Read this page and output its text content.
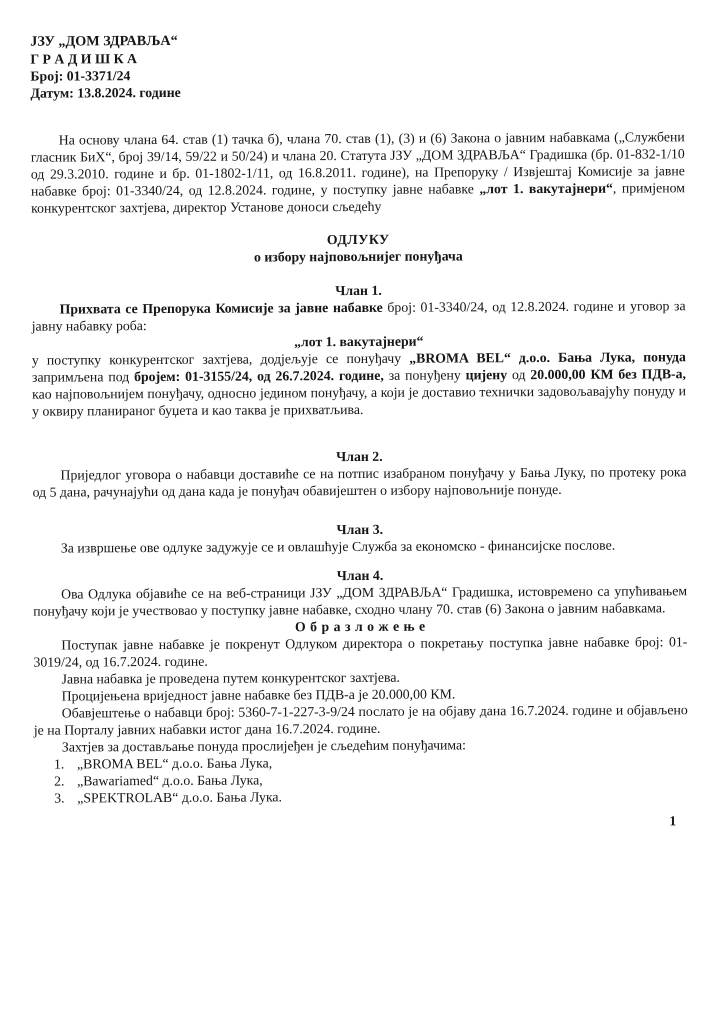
ЈЗУ „ДОМ ЗДРАВЉА“
Г Р А Д И Ш К А
Број: 01-3371/24
Датум: 13.8.2024. године

На основу члана 64. став (1) тачка б), члана 70. став (1), (3) и (6) Закона о јавним набавкама („Службени гласник БиХ“, број 39/14, 59/22 и 50/24) и члана 20. Статута ЈЗУ „ДОМ ЗДРАВЉА“ Градишка (бр. 01-832-1/10 од 29.3.2010. године и бр. 01-1802-1/11, од 16.8.2011. године), на Препоруку / Извјештај Комисије за јавне набавке број: 01-3340/24, од 12.8.2024. године, у поступку јавне набавке „лот 1. вакутајнери“, примјеном конкурентског захтјева, директор Установе доноси сљедећу

ОДЛУКУ
о избору најповољнијег понуђача
Члан 1.

Прихвата се Препорука Комисије за јавне набавке број: 01-3340/24, од 12.8.2024. године и уговор за јавну набавку роба:

„лот 1. вакутајнери“

у поступку конкурентског захтјева, додјељује се понуђачу „BROMA BEL“ д.о.о. Бања Лука, понуда запримљена под бројем: 01-3155/24, од 26.7.2024. године, за понуђену цијену од 20.000,00 КМ без ПДВ-а, као најповољнијем понуђачу, односно једином понуђачу, а који је доставио технички задовољавајућу понуду и у оквиру планираног буџета и као таква је прихватљива.

Члан 2.

Приједлог уговора о набавци доставиће се на потпис изабраном понуђачу у Бања Луку, по протеку рока од 5 дана, рачунајући од дана када је понуђач обавијештен о избору најповољније понуде.

Члан 3.

За извршење ове одлуке задужује се и овлашћује Служба за економско - финансијске послове.

Члан 4.

Ова Одлука објавиће се на веб-страници ЈЗУ „ДОМ ЗДРАВЉА“ Градишка, истовремено са упућивањем понуђачу који је учествовао у поступку јавне набавке, сходно члану 70. став (6) Закона о јавним набавкама.

О б р а з л о ж е њ е

Поступак јавне набавке је покренут Одлуком директора о покретању поступка јавне набавке број: 01-3019/24, од 16.7.2024. године.

Јавна набавка је проведена путем конкурентског захтјева.

Процијењена вриједност јавне набавке без ПДВ-а је 20.000,00 КМ.

Обавјештење о набавци број: 5360-7-1-227-3-9/24 послато је на објаву дана 16.7.2024. године и објављено је на Порталу јавних набавки истог дана 16.7.2024. године.

Захтјев за достављање понуда прослијеђен је сљедећим понуђачима:

1. „BROMA BEL“ д.о.о. Бања Лука,
2. „Bawariamed“ д.о.о. Бања Лука,
3. „SPEKTROLAB“ д.о.о. Бања Лука.
1
